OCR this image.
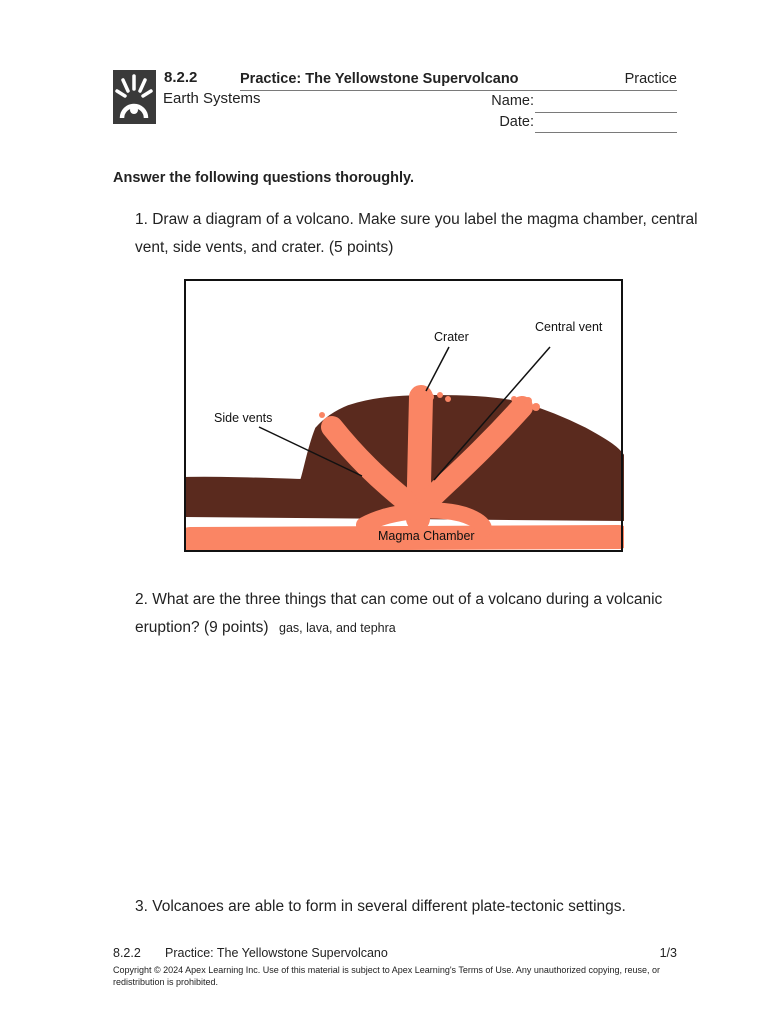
8.2.2
Earth Systems
Practice: The Yellowstone Supervolcano	Practice
Name:
Date:
Answer the following questions thoroughly.
1. Draw a diagram of a volcano. Make sure you label the magma chamber, central
vent, side vents, and crater. (5 points)
Crater
Central vent
Side vents
Magma Chamber
2. What are the three things that can come out of a volcano during a volcanic
eruption? (9 points) gas, lava, and tephra
3. Volcanoes are able to form in several different plate-tectonic settings.
8.2.2 Practice: The Yellowstone Supervolcano	1/3
Copyright © 2024 Apex Learning Inc. Use of this material is subject to Apex Learning's Terms of Use. Any unauthorized copying, reuse, or redistribution is prohibited.
